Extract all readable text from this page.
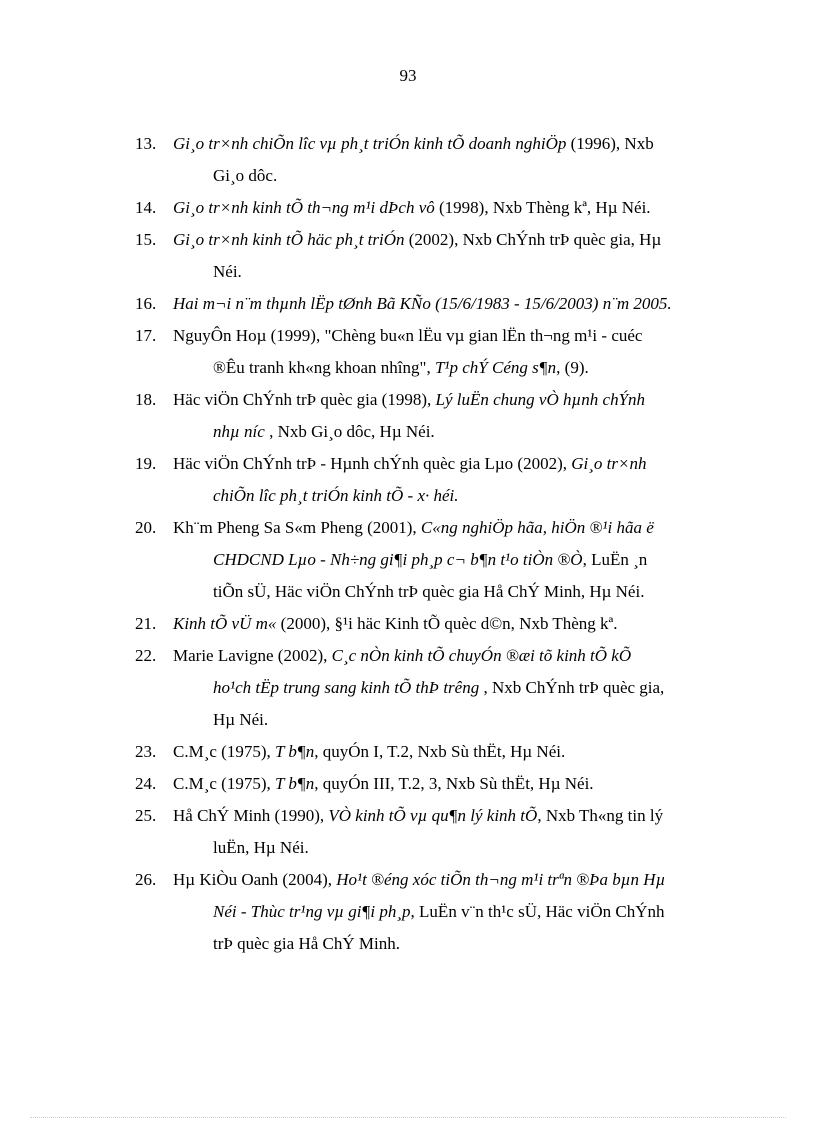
93
13. Gi¸o tr×nh chiÕn lîc vµ ph¸t triÓn kinh tÕ doanh nghiÖp (1996), Nxb
Gi¸o dôc.
14. Gi¸o tr×nh kinh tÕ th¬ng m¹i dÞch vô (1998), Nxb Thèng kª, Hµ Néi.
15. Gi¸o tr×nh kinh tÕ häc ph¸t triÓn (2002), Nxb ChÝnh trÞ quèc gia, Hµ
Néi.
16. Hai m¬i n¨m thµnh lËp tØnh Bã KÑo (15/6/1983 - 15/6/2003) n¨m 2005.
17. NguyÔn Hoµ (1999), "Chèng bu«n lËu vµ gian lËn th¬ng m¹i - cuéc
®Êu tranh kh«ng khoan nhîng", T¹p chÝ Céng s¶n, (9).
18. Häc viÖn ChÝnh trÞ quèc gia (1998), Lý luËn chung vÒ hµnh chÝnh
nhµ níc , Nxb Gi¸o dôc, Hµ Néi.
19. Häc viÖn ChÝnh trÞ - Hµnh chÝnh quèc gia Lµo (2002), Gi¸o tr×nh
chiÕn lîc ph¸t triÓn kinh tÕ - x· héi.
20. Kh¨m Pheng Sa S«m Pheng (2001), C«ng nghiÖp hãa, hiÖn ®¹i hãa ë
CHDCND Lµo - Nh÷ng gi¶i ph¸p c¬ b¶n t¹o tiÒn ®Ò, LuËn ¸n
tiÕn sÜ, Häc viÖn ChÝnh trÞ quèc gia Hå ChÝ Minh, Hµ Néi.
21. Kinh tÕ vÜ m« (2000), §¹i häc Kinh tÕ quèc d©n, Nxb Thèng kª.
22. Marie Lavigne (2002), C¸c nÒn kinh tÕ chuyÓn ®æi tõ kinh tÕ kÕ
ho¹ch tËp trung sang kinh tÕ thÞ trêng , Nxb ChÝnh trÞ quèc gia,
Hµ Néi.
23. C.M¸c (1975), T b¶n, quyÓn I, T.2, Nxb Sù thËt, Hµ Néi.
24. C.M¸c (1975), T b¶n, quyÓn III, T.2, 3, Nxb Sù thËt, Hµ Néi.
25. Hå ChÝ Minh (1990), VÒ kinh tÕ vµ qu¶n lý kinh tÕ, Nxb Th«ng tin lý
luËn, Hµ Néi.
26. Hµ KiÒu Oanh (2004), Ho¹t ®éng xóc tiÕn th¬ng m¹i trªn ®Þa bµn Hµ
Néi - Thùc tr¹ng vµ gi¶i ph¸p, LuËn v¨n th¹c sÜ, Häc viÖn ChÝnh
trÞ quèc gia Hå ChÝ Minh.
